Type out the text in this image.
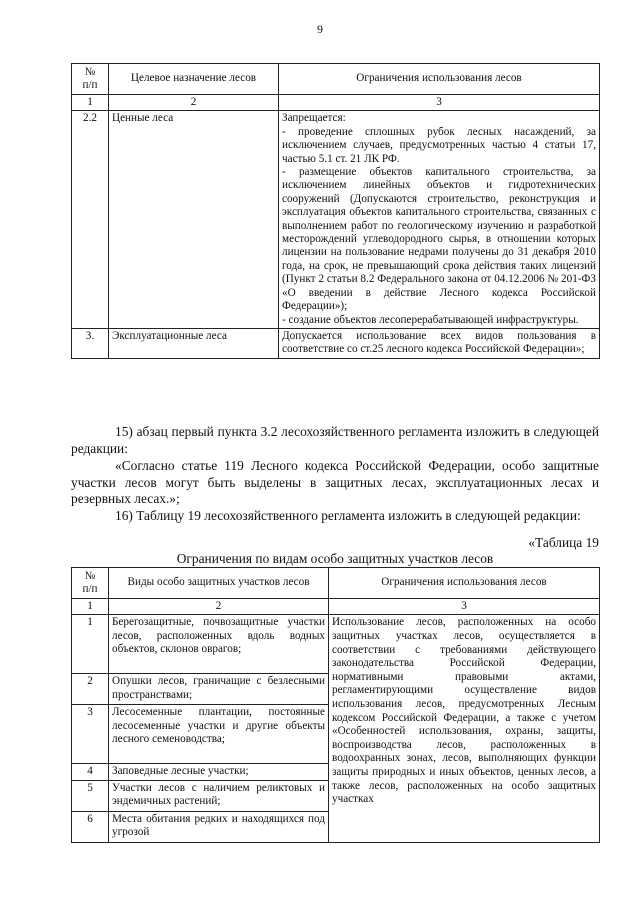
9
№
п/п	Целевое назначение лесов	Ограничения использования лесов
1	2	3
2.2	Ценные леса	Запрещается:
- проведение сплошных рубок лесных насаждений, за исключением случаев, предусмотренных частью 4 статьи 17, частью 5.1 ст. 21 ЛК РФ.
- размещение объектов капитального строительства, за исключением линейных объектов и гидротехнических сооружений (Допускаются строительство, реконструкция и эксплуатация объектов капитального строительства, связанных с выполнением работ по геологическому изучению и разработкой месторождений углеводородного сырья, в отношении которых лицензии на пользование недрами получены до 31 декабря 2010 года, на срок, не превышающий срока действия таких лицензий (Пункт 2 статьи 8.2 Федерального закона от 04.12.2006 № 201-ФЗ «О введении в действие Лесного кодекса Российской Федерации»);
- создание объектов лесоперерабатывающей инфраструктуры.
3.	Эксплуатационные леса	Допускается использование всех видов пользования в соответствие со ст.25 лесного кодекса Российской Федерации»;

15) абзац первый пункта 3.2 лесохозяйственного регламента изложить в следующей редакции:

«Согласно статье 119 Лесного кодекса Российской Федерации, особо защитные участки лесов могут быть выделены в защитных лесах, эксплуатационных лесах и резервных лесах.»;

16) Таблицу 19 лесохозяйственного регламента изложить в следующей редакции:

«Таблица 19

Ограничения по видам особо защитных участков лесов

№
п/п	Виды особо защитных участков лесов	Ограничения использования лесов
1	2	3
1	Берегозащитные, почвозащитные участки лесов, расположенных вдоль водных объектов, склонов оврагов;	Использование лесов, расположенных на особо защитных участках лесов, осуществляется в соответствии с требованиями действующего законодательства Российской Федерации, нормативными правовыми актами, регламентирующими осуществление видов использования лесов, предусмотренных Лесным кодексом Российской Федерации, а также с учетом «Особенностей использования, охраны, защиты, воспроизводства лесов, расположенных в водоохранных зонах, лесов, выполняющих функции защиты природных и иных объектов, ценных лесов, а также лесов, расположенных на особо защитных участках
2	Опушки лесов, граничащие с безлесными пространствами;	
3	Лесосеменные плантации, постоянные лесосеменные участки и другие объекты лесного семеноводства;	
4	Заповедные лесные участки;	
5	Участки лесов с наличием реликтовых и эндемичных растений;	
6	Места обитания редких и находящихся под угрозой	
